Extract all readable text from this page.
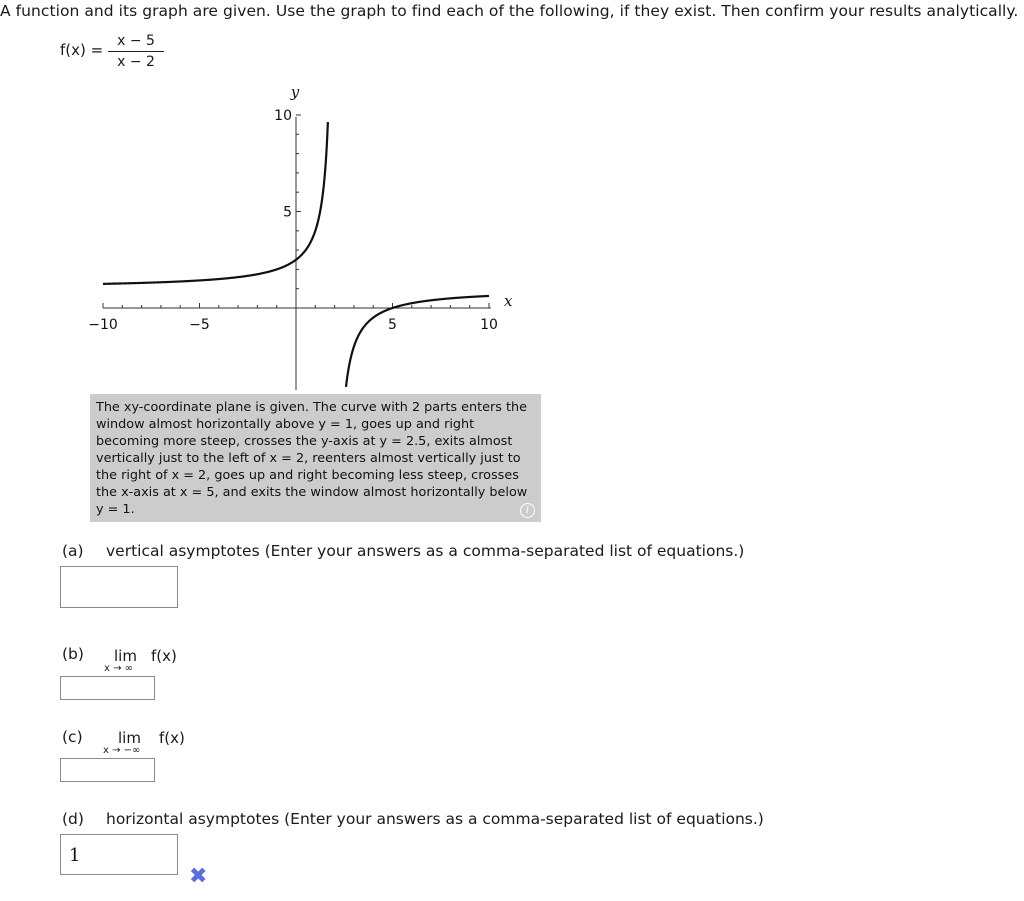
A function and its graph are given. Use the graph to find each of the following, if they exist. Then confirm your results analytically.
f(x) = x − 5
x − 2
−10	−5	5	10
10
5
x
y

The xy-coordinate plane is given. The curve with 2 parts enters the window almost horizontally above y = 1, goes up and right becoming more steep, crosses the y-axis at y = 2.5, exits almost vertically just to the left of x = 2, reenters almost vertically just to the right of x = 2, goes up and right becoming less steep, crosses the x-axis at x = 5, and exits the window almost horizontally below y = 1.	i
(a) vertical asymptotes (Enter your answers as a comma-separated list of equations.)
(b) lim
x → ∞
f(x)
(c) lim
x → −∞
f(x)
(d) horizontal asymptotes (Enter your answers as a comma-separated list of equations.)
1
✖
